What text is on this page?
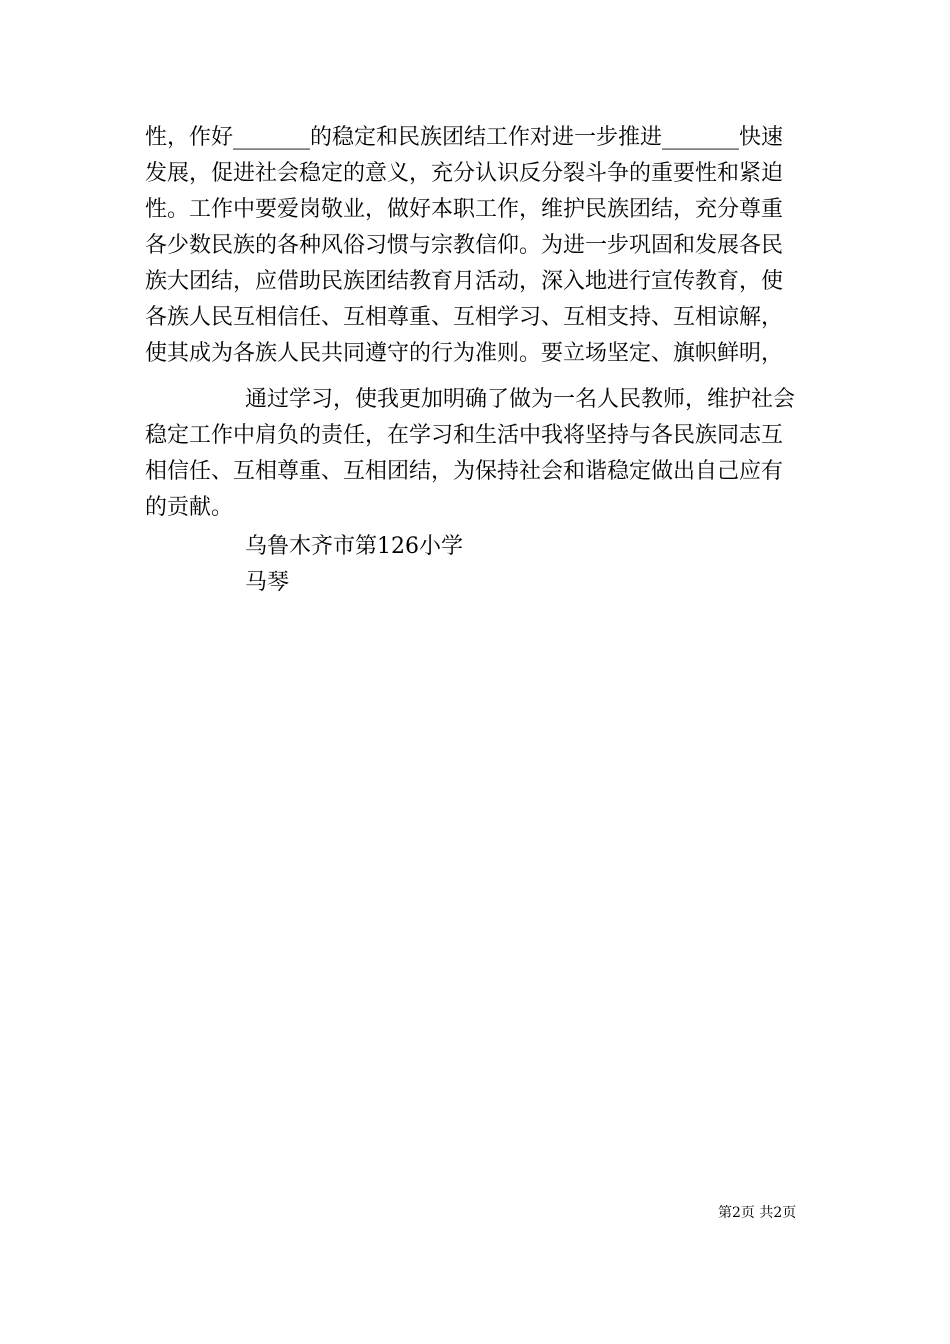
性，作好_______的稳定和民族团结工作对进一步推进_______快速
发展，促进社会稳定的意义，充分认识反分裂斗争的重要性和紧迫
性。工作中要爱岗敬业，做好本职工作，维护民族团结，充分尊重
各少数民族的各种风俗习惯与宗教信仰。为进一步巩固和发展各民
族大团结，应借助民族团结教育月活动，深入地进行宣传教育，使
各族人民互相信任、互相尊重、互相学习、互相支持、互相谅解，
使其成为各族人民共同遵守的行为准则。要立场坚定、旗帜鲜明，
通过学习，使我更加明确了做为一名人民教师，维护社会
稳定工作中肩负的责任，在学习和生活中我将坚持与各民族同志互
相信任、互相尊重、互相团结，为保持社会和谐稳定做出自己应有
的贡献。
乌鲁木齐市第126小学
马琴
第2页 共2页
